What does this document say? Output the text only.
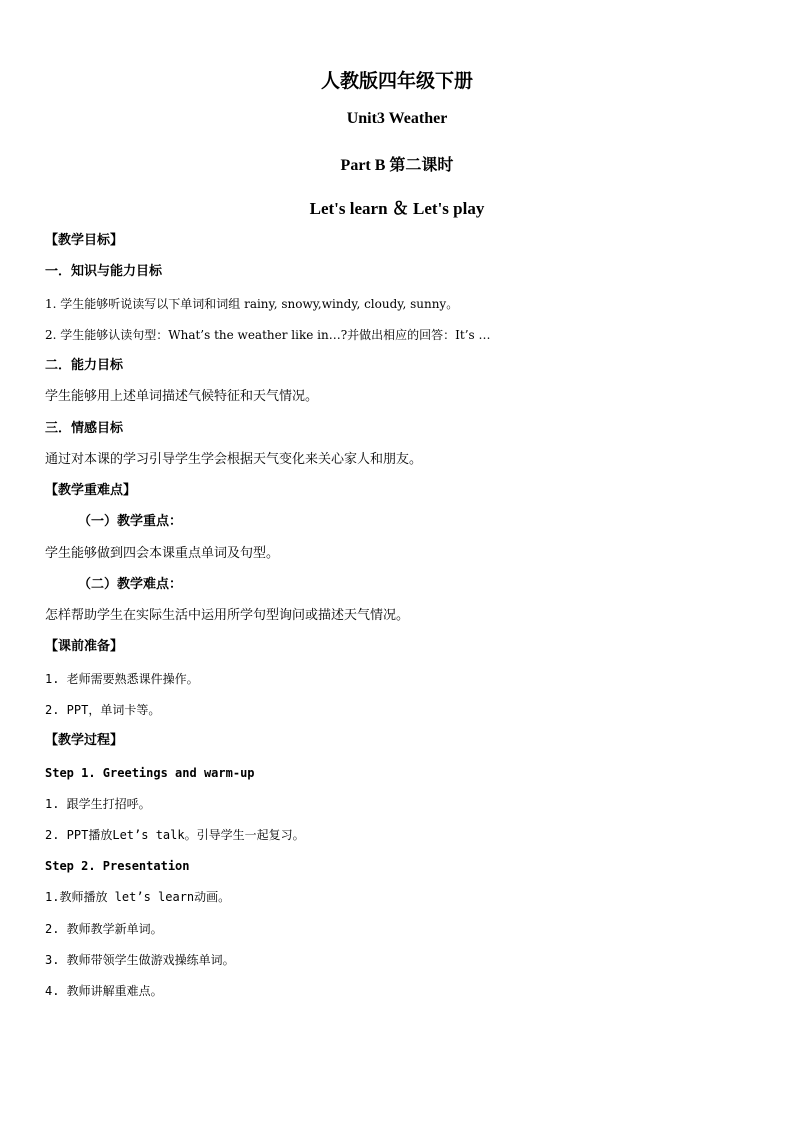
人教版四年级下册
Unit3 Weather
Part B 第二课时
Let's learn ＆ Let's play
【教学目标】
一．知识与能力目标
1. 学生能够听说读写以下单词和词组 rainy, snowy,windy, cloudy, sunny。
2. 学生能够认读句型：What’s the weather like in…?并做出相应的回答：It’s …
二．能力目标
学生能够用上述单词描述气候特征和天气情况。
三．情感目标
通过对本课的学习引导学生学会根据天气变化来关心家人和朋友。
【教学重难点】
（一）教学重点：
学生能够做到四会本课重点单词及句型。
（二）教学难点：
怎样帮助学生在实际生活中运用所学句型询问或描述天气情况。
【课前准备】
1. 老师需要熟悉课件操作。
2. PPT，单词卡等。
【教学过程】
Step 1. Greetings and warm-up
1. 跟学生打招呼。
2. PPT播放Let’s talk。引导学生一起复习。
Step 2. Presentation
1.教师播放 let’s learn动画。
2. 教师教学新单词。
3. 教师带领学生做游戏操练单词。
4. 教师讲解重难点。
